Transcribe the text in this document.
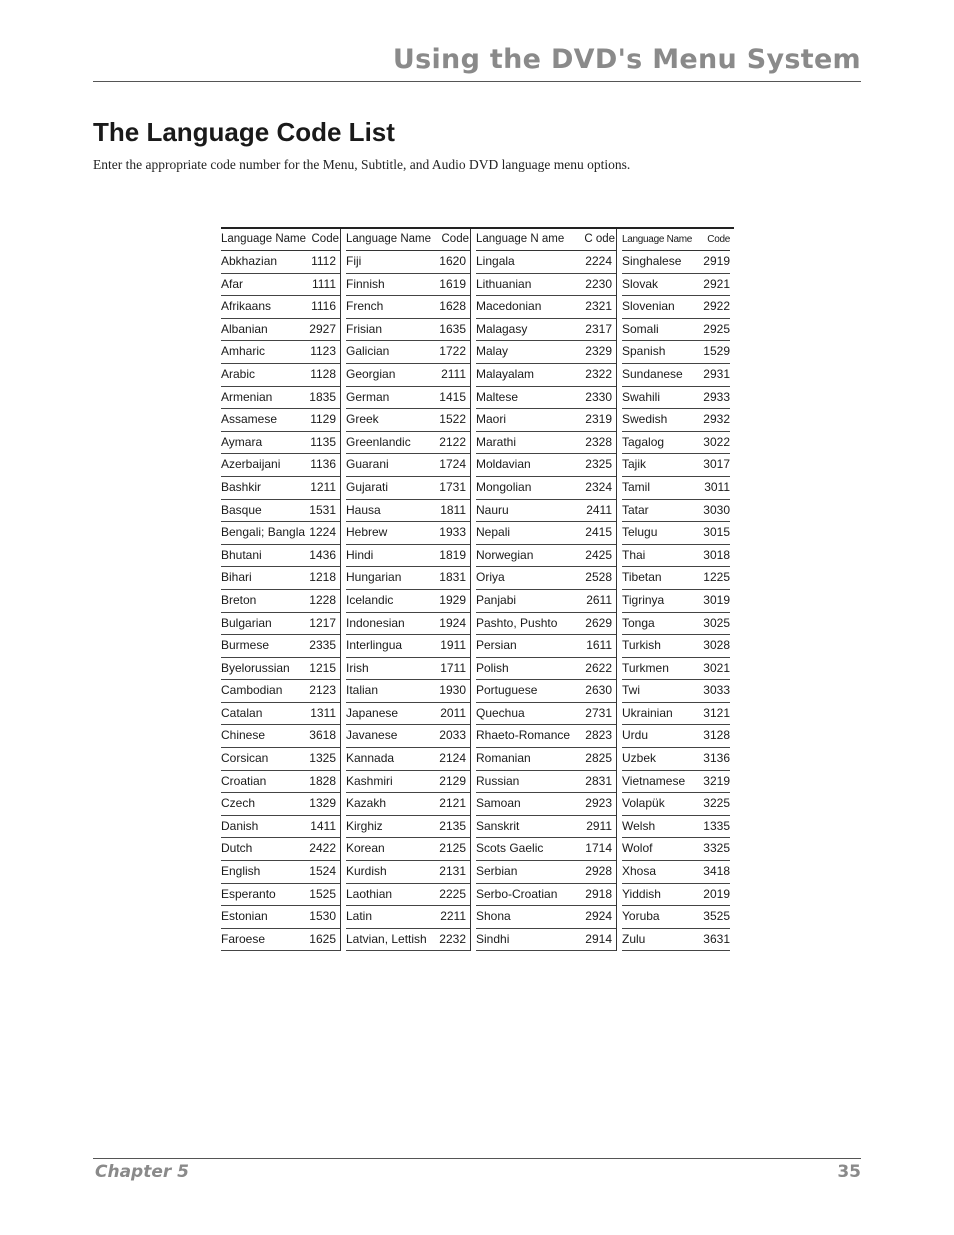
Using the DVD's Menu System
The Language Code List

Enter the appropriate code number for the Menu, Subtitle, and Audio DVD language menu options.

Language Name Code
Abkhazian	1112
Afar	1111
Afrikaans	1116
Albanian	2927
Amharic	1123
Arabic	1128
Armenian	1835
Assamese	1129
Aymara	1135
Azerbaijani 1136
Bashkir	1211
Basque	1531
Bengali; Bangla 1224
Bhutani	1436
Bihari	1218
Breton	1228
Bulgarian	1217
Burmese	2335
Byelorussian 1215
Cambodian 2123
Catalan	1311
Chinese	3618
Corsican	1325
Croatian	1828
Czech	1329
Danish	1411
Dutch	2422
English	1524
Esperanto	1525
Estonian	1530
Faroese	1625
Language Name Code
Fiji	1620
Finnish	1619
French	1628
Frisian	1635
Galician	1722
Georgian	2111
German	1415
Greek	1522
Greenlandic 2122
Guarani	1724
Gujarati	1731
Hausa	1811
Hebrew	1933
Hindi	1819
Hungarian	1831
Icelandic	1929
Indonesian	1924
Interlingua	1911
Irish	1711
Italian	1930
Japanese	2011
Javanese	2033
Kannada	2124
Kashmiri	2129
Kazakh	2121
Kirghiz	2135
Korean	2125
Kurdish	2131
Laothian	2225
Latin	2211
Latvian, Lettish 2232
Language N ame C ode
Lingala	2224
Lithuanian	2230
Macedonian	2321
Malagasy	2317
Malay	2329
Malayalam	2322
Maltese	2330
Maori	2319
Marathi	2328
Moldavian	2325
Mongolian	2324
Nauru	2411
Nepali	2415
Norwegian	2425
Oriya	2528
Panjabi	2611
Pashto, Pushto 2629
Persian	1611
Polish	2622
Portuguese	2630
Quechua	2731
Rhaeto-Romance 2823
Romanian	2825
Russian	2831
Samoan	2923
Sanskrit	2911
Scots Gaelic	1714
Serbian	2928
Serbo-Croatian 2918
Shona	2924
Sindhi	2914
Language Name Code
Singhalese 2919
Slovak	2921
Slovenian 2922
Somali	2925
Spanish	1529
Sundanese 2931
Swahili	2933
Swedish	2932
Tagalog	3022
Tajik	3017
Tamil	3011
Tatar	3030
Telugu	3015
Thai	3018
Tibetan	1225
Tigrinya	3019
Tonga	3025
Turkish	3028
Turkmen	3021
Twi	3033
Ukrainian	3121
Urdu	3128
Uzbek	3136
Vietnamese 3219
Volapük	3225
Welsh	1335
Wolof	3325
Xhosa	3418
Yiddish	2019
Yoruba	3525
Zulu	3631
Chapter 5	35
